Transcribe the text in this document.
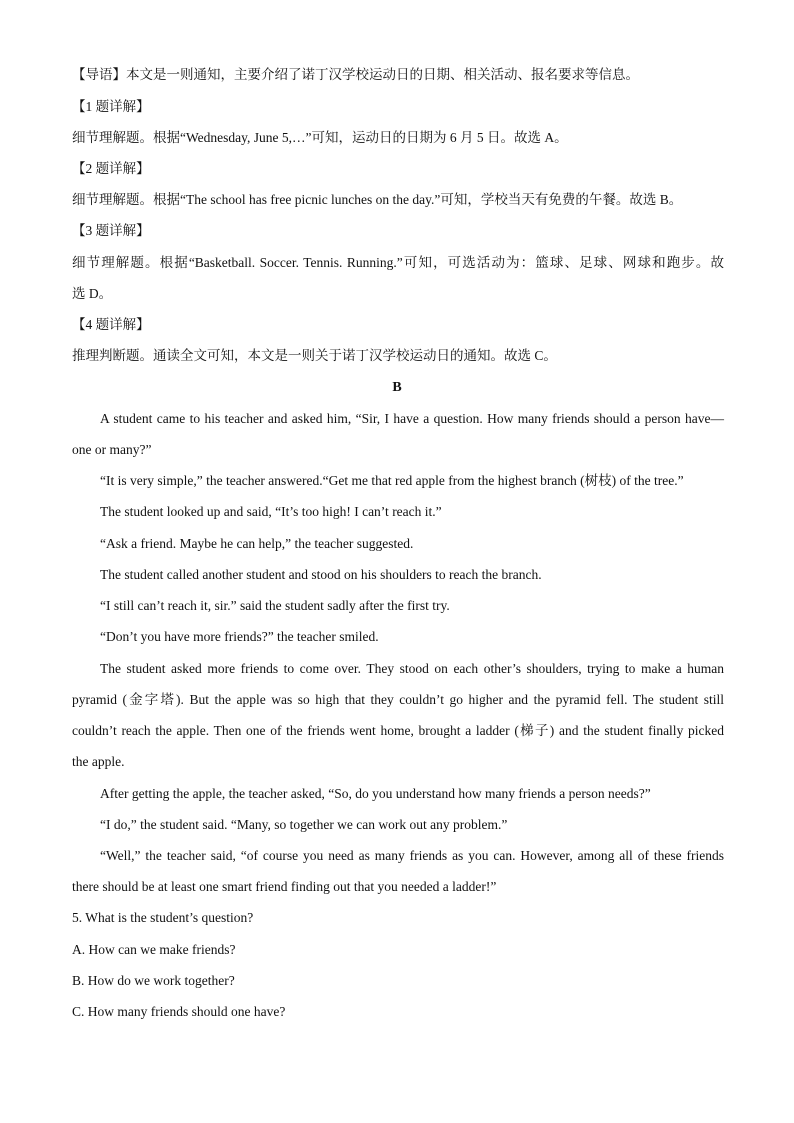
【导语】本文是一则通知，主要介绍了诺丁汉学校运动日的日期、相关活动、报名要求等信息。
【1 题详解】
细节理解题。根据“Wednesday, June 5,…”可知，运动日的日期为 6 月 5 日。故选 A。
【2 题详解】
细节理解题。根据“The school has free picnic lunches on the day.”可知，学校当天有免费的午餐。故选 B。
【3 题详解】
细节理解题。根据“Basketball. Soccer. Tennis. Running.”可知，可选活动为：篮球、足球、网球和跑步。故
选 D。
【4 题详解】
推理判断题。通读全文可知，本文是一则关于诺丁汉学校运动日的通知。故选 C。
B
A student came to his teacher and asked him, “Sir, I have a question. How many friends should a person have—
one or many?”
“It is very simple,” the teacher answered.“Get me that red apple from the highest branch (树枝) of the tree.”
The student looked up and said, “It’s too high! I can’t reach it.”
“Ask a friend. Maybe he can help,” the teacher suggested.
The student called another student and stood on his shoulders to reach the branch.
“I still can’t reach it, sir.” said the student sadly after the first try.
“Don’t you have more friends?” the teacher smiled.
The student asked more friends to come over. They stood on each other’s shoulders, trying to make a human
pyramid (金字塔). But the apple was so high that they couldn’t go higher and the pyramid fell. The student still
couldn’t reach the apple. Then one of the friends went home, brought a ladder (梯子) and the student finally picked
the apple.
After getting the apple, the teacher asked, “So, do you understand how many friends a person needs?”
“I do,” the student said. “Many, so together we can work out any problem.”
“Well,” the teacher said, “of course you need as many friends as you can. However, among all of these friends
there should be at least one smart friend finding out that you needed a ladder!”
5. What is the student’s question?
A. How can we make friends?
B. How do we work together?
C. How many friends should one have?
